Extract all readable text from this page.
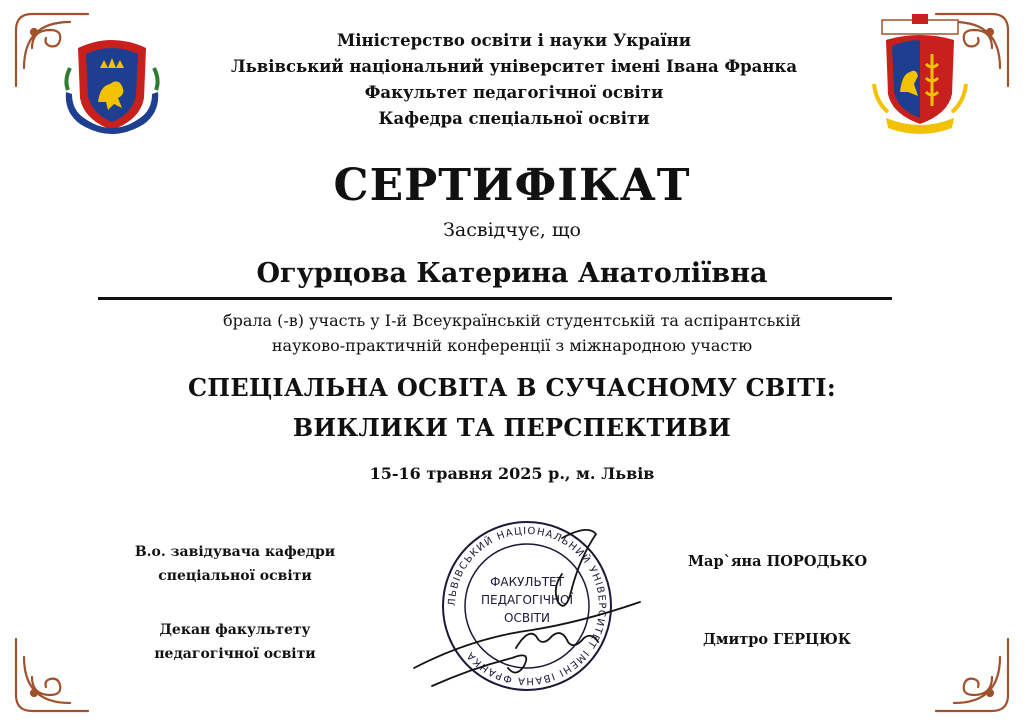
Міністерство освіти і науки України
Львівський національний університет імені Івана Франка
Факультет педагогічної освіти
Кафедра спеціальної освіти
СЕРТИФІКАТ
Засвідчує, що
Огурцова Катерина Анатоліївна
брала (-в) участь у І-й Всеукраїнській студентській та аспірантській
науково-практичній конференції з міжнародною участю
СПЕЦІАЛЬНА ОСВІТА В СУЧАСНОМУ СВІТІ:
ВИКЛИКИ ТА ПЕРСПЕКТИВИ
15-16 травня 2025 р., м. Львів
В.о. завідувача кафедри
спеціальної освіти
Декан факультету
педагогічної освіти
Мар`яна ПОРОДЬКО
Дмитро ГЕРЦЮК
ЛЬВІВСЬКИЙ НАЦІОНАЛЬНИЙ УНІВЕРСИТЕТ ІМЕНІ ІВАНА ФРАНКА
ФАКУЛЬТЕТ
ПЕДАГОГІЧНОЇ
ОСВІТИ
